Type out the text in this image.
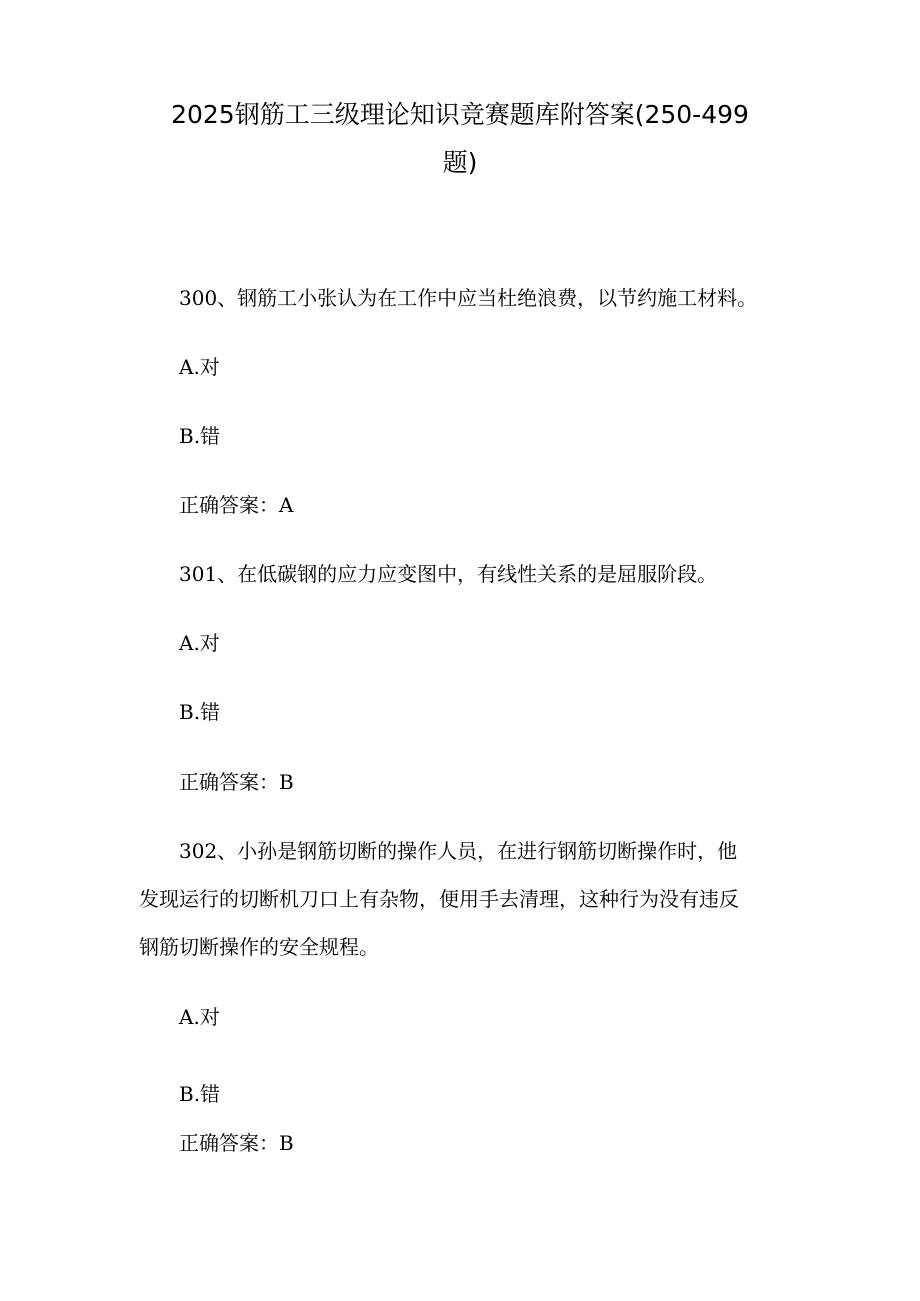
2025钢筋工三级理论知识竞赛题库附答案(250-499
题)

300、钢筋工小张认为在工作中应当杜绝浪费，以节约施工材料。

A.对

B.错

正确答案：A

301、在低碳钢的应力应变图中，有线性关系的是屈服阶段。

A.对

B.错

正确答案：B

302、小孙是钢筋切断的操作人员，在进行钢筋切断操作时，他

发现运行的切断机刀口上有杂物，便用手去清理，这种行为没有违反

钢筋切断操作的安全规程。

A.对

B.错

正确答案：B
